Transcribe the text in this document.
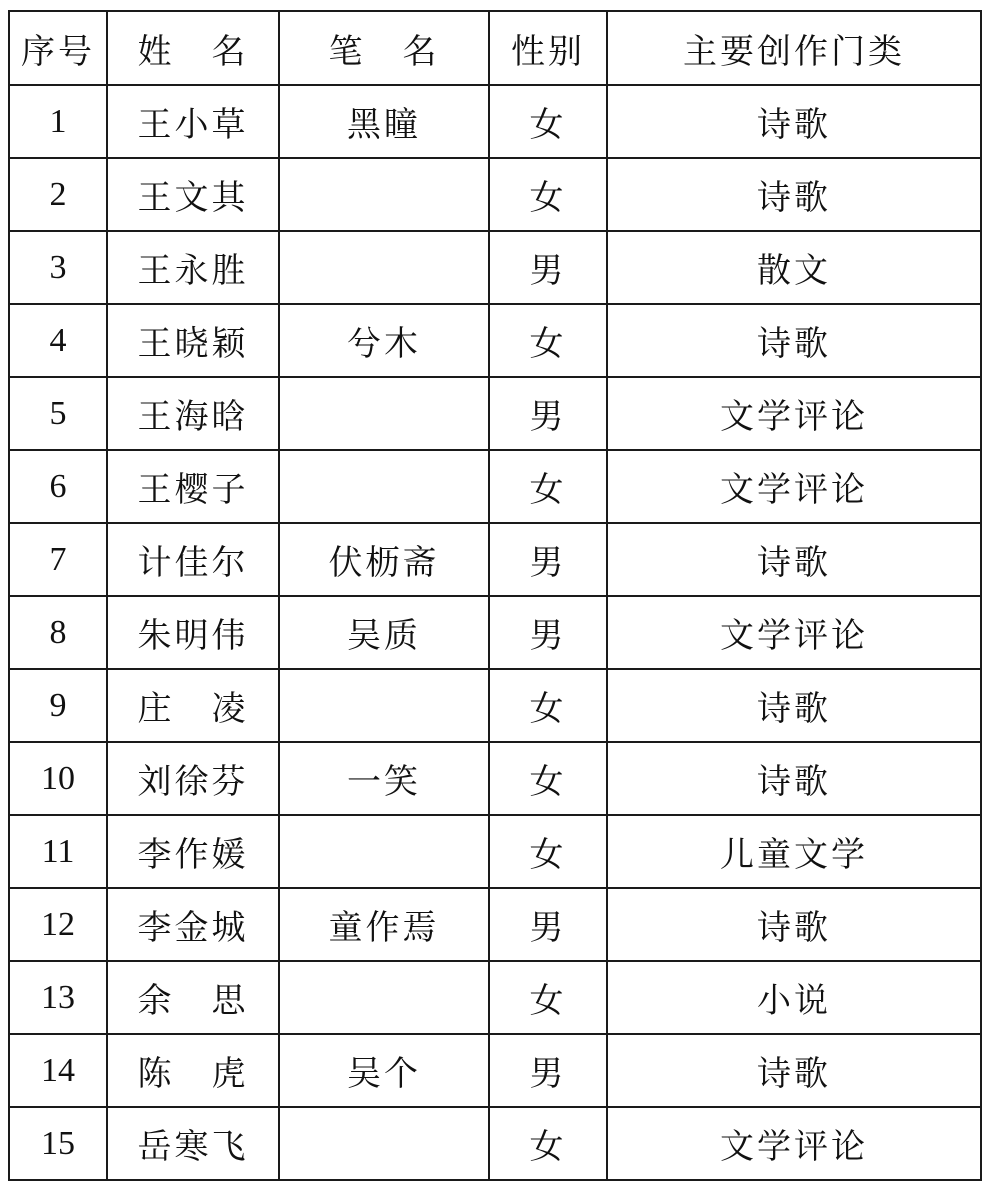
序号	姓　名	笔　名	性别	主要创作门类
1	王小草	黑瞳	女	诗歌
2	王文其		女	诗歌
3	王永胜		男	散文
4	王晓颖	兮木	女	诗歌
5	王海晗		男	文学评论
6	王樱子		女	文学评论
7	计佳尔	伏枥斋	男	诗歌
8	朱明伟	吴质	男	文学评论
9	庄　凌		女	诗歌
10	刘徐芬	一笑	女	诗歌
11	李作媛		女	儿童文学
12	李金城	童作焉	男	诗歌
13	余　思		女	小说
14	陈　虎	吴个	男	诗歌
15	岳寒飞		女	文学评论
